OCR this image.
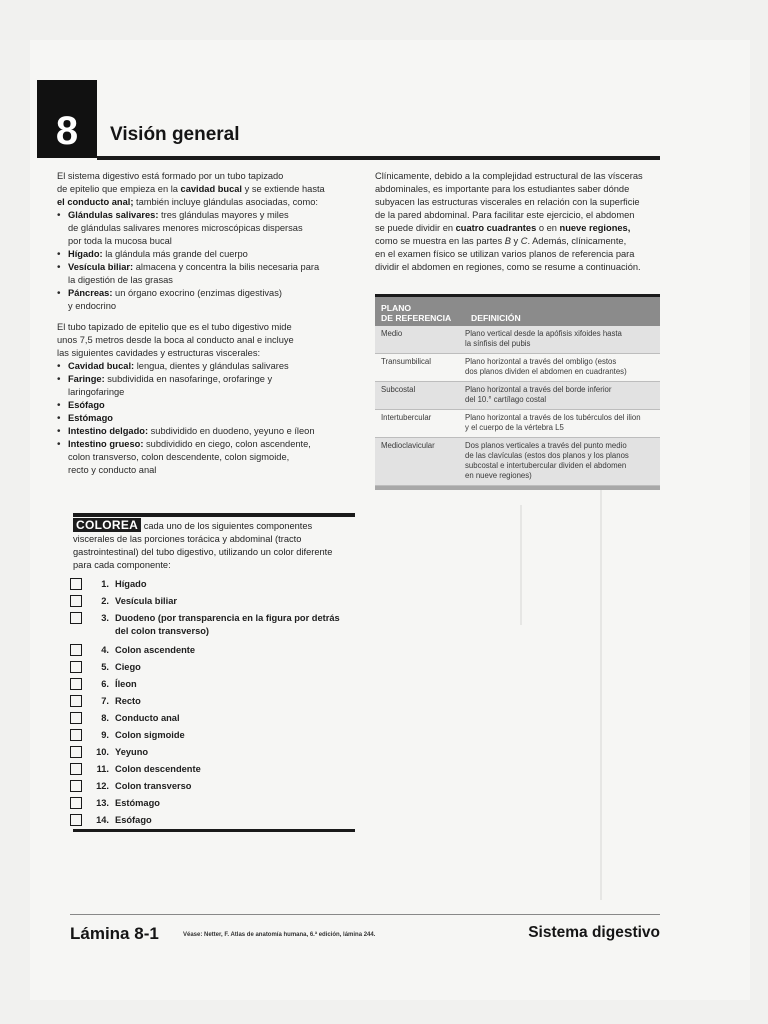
8 Visión general

El sistema digestivo está formado por un tubo tapizado
de epitelio que empieza en la cavidad bucal y se extiende hasta
el conducto anal; también incluye glándulas asociadas, como:

• Glándulas salivares: tres glándulas mayores y miles
de glándulas salivares menores microscópicas dispersas
por toda la mucosa bucal
• Hígado: la glándula más grande del cuerpo
• Vesícula biliar: almacena y concentra la bilis necesaria para
la digestión de las grasas
• Páncreas: un órgano exocrino (enzimas digestivas)
y endocrino

El tubo tapizado de epitelio que es el tubo digestivo mide
unos 7,5 metros desde la boca al conducto anal e incluye
las siguientes cavidades y estructuras viscerales:

• Cavidad bucal: lengua, dientes y glándulas salivares
• Faringe: subdividida en nasofaringe, orofaringe y
laringofaringe
• Esófago
• Estómago
• Intestino delgado: subdividido en duodeno, yeyuno e íleon
• Intestino grueso: subdividido en ciego, colon ascendente,
colon transverso, colon descendente, colon sigmoide,
recto y conducto anal

Clínicamente, debido a la complejidad estructural de las vísceras
abdominales, es importante para los estudiantes saber dónde
subyacen las estructuras viscerales en relación con la superficie
de la pared abdominal. Para facilitar este ejercicio, el abdomen
se puede dividir en cuatro cuadrantes o en nueve regiones,
como se muestra en las partes B y C. Además, clínicamente,
en el examen físico se utilizan varios planos de referencia para
dividir el abdomen en regiones, como se resume a continuación.

PLANO
DE REFERENCIA	DEFINICIÓN
Medio	Plano vertical desde la apófisis xifoides hasta
la sínfisis del pubis
Transumbilical	Plano horizontal a través del ombligo (estos
dos planos dividen el abdomen en cuadrantes)
Subcostal	Plano horizontal a través del borde inferior
del 10.° cartílago costal
Intertubercular	Plano horizontal a través de los tubérculos del ilion
y el cuerpo de la vértebra L5
Medioclavicular	Dos planos verticales a través del punto medio
de las clavículas (estos dos planos y los planos
subcostal e intertubercular dividen el abdomen
en nueve regiones)
COLOREA cada uno de los siguientes componentes
viscerales de las porciones torácica y abdominal (tracto
gastrointestinal) del tubo digestivo, utilizando un color diferente
para cada componente:
1. Hígado
2. Vesícula biliar
3. Duodeno (por transparencia en la figura por detrás
del colon transverso)
4. Colon ascendente
5. Ciego
6. Íleon
7. Recto
8. Conducto anal
9. Colon sigmoide
10. Yeyuno
11. Colon descendente
12. Colon transverso
13. Estómago
14. Esófago
Lámina 8-1	Véase: Netter, F. Atlas de anatomía humana, 6.ª edición, lámina 244.	Sistema digestivo
